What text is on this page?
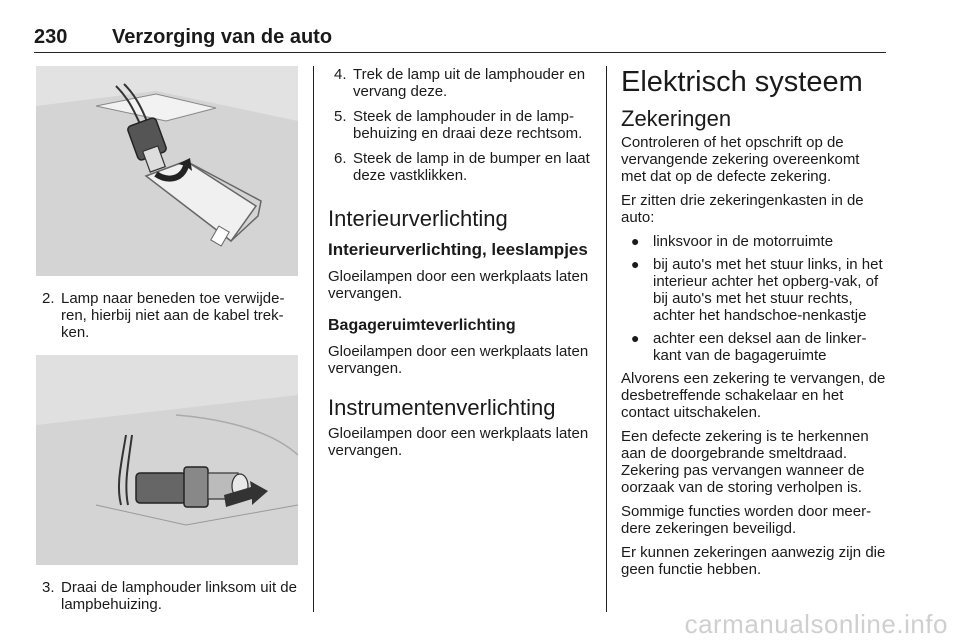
230 Verzorging van de auto
2. Lamp naar beneden toe verwijde-ren, hierbij niet aan de kabel trek-ken.
3. Draai de lamphouder linksom uit de lampbehuizing.
4. Trek de lamp uit de lamphouder en vervang deze.
5. Steek de lamphouder in de lamp-behuizing en draai deze rechtsom.
6. Steek de lamp in de bumper en laat deze vastklikken.
Interieurverlichting
Interieurverlichting, leeslampjes

Gloeilampen door een werkplaats laten vervangen.

Bagageruimteverlichting

Gloeilampen door een werkplaats laten vervangen.

Instrumentenverlichting

Gloeilampen door een werkplaats laten vervangen.

Elektrisch systeem
Zekeringen

Controleren of het opschrift op de vervangende zekering overeenkomt met dat op de defecte zekering.

Er zitten drie zekeringenkasten in de auto:

● linksvoor in de motorruimte
● bij auto's met het stuur links, in het interieur achter het opberg-vak, of bij auto's met het stuur rechts, achter het handschoe-nenkastje
● achter een deksel aan de linker-kant van de bagageruimte

Alvorens een zekering te vervangen, de desbetreffende schakelaar en het contact uitschakelen.

Een defecte zekering is te herkennen aan de doorgebrande smeltdraad. Zekering pas vervangen wanneer de oorzaak van de storing verholpen is.

Sommige functies worden door meer-dere zekeringen beveiligd.

Er kunnen zekeringen aanwezig zijn die geen functie hebben.

carmanualsonline.info
